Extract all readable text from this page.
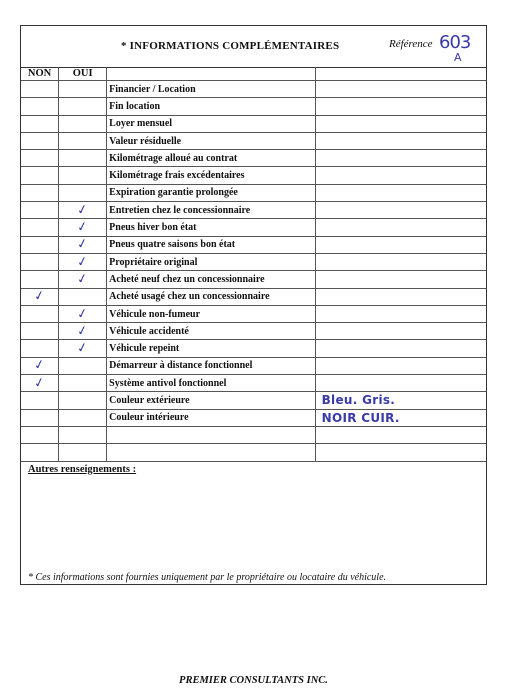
* INFORMATIONS COMPLÉMENTAIRES	Référence 603
A
NON	OUI		
		Financier / Location	
		Fin location	
		Loyer mensuel	
		Valeur résiduelle	
		Kilométrage alloué au contrat	
		Kilométrage frais excédentaires	
		Expiration garantie prolongée	
	✓	Entretien chez le concessionnaire	
	✓	Pneus hiver bon état	
	✓	Pneus quatre saisons bon état	
	✓	Propriétaire original	
	✓	Acheté neuf chez un concessionnaire	
✓		Acheté usagé chez un concessionnaire	
	✓	Véhicule non-fumeur	
	✓	Véhicule accidenté	
	✓	Véhicule repeint	
✓		Démarreur à distance fonctionnel	
✓		Système antivol fonctionnel	
		Couleur extérieure	Bleu. Gris.
		Couleur intérieure	NOIR CUIR.

Autres renseignements :
* Ces informations sont fournies uniquement par le propriétaire ou locataire du véhicule.
PREMIER CONSULTANTS INC.
